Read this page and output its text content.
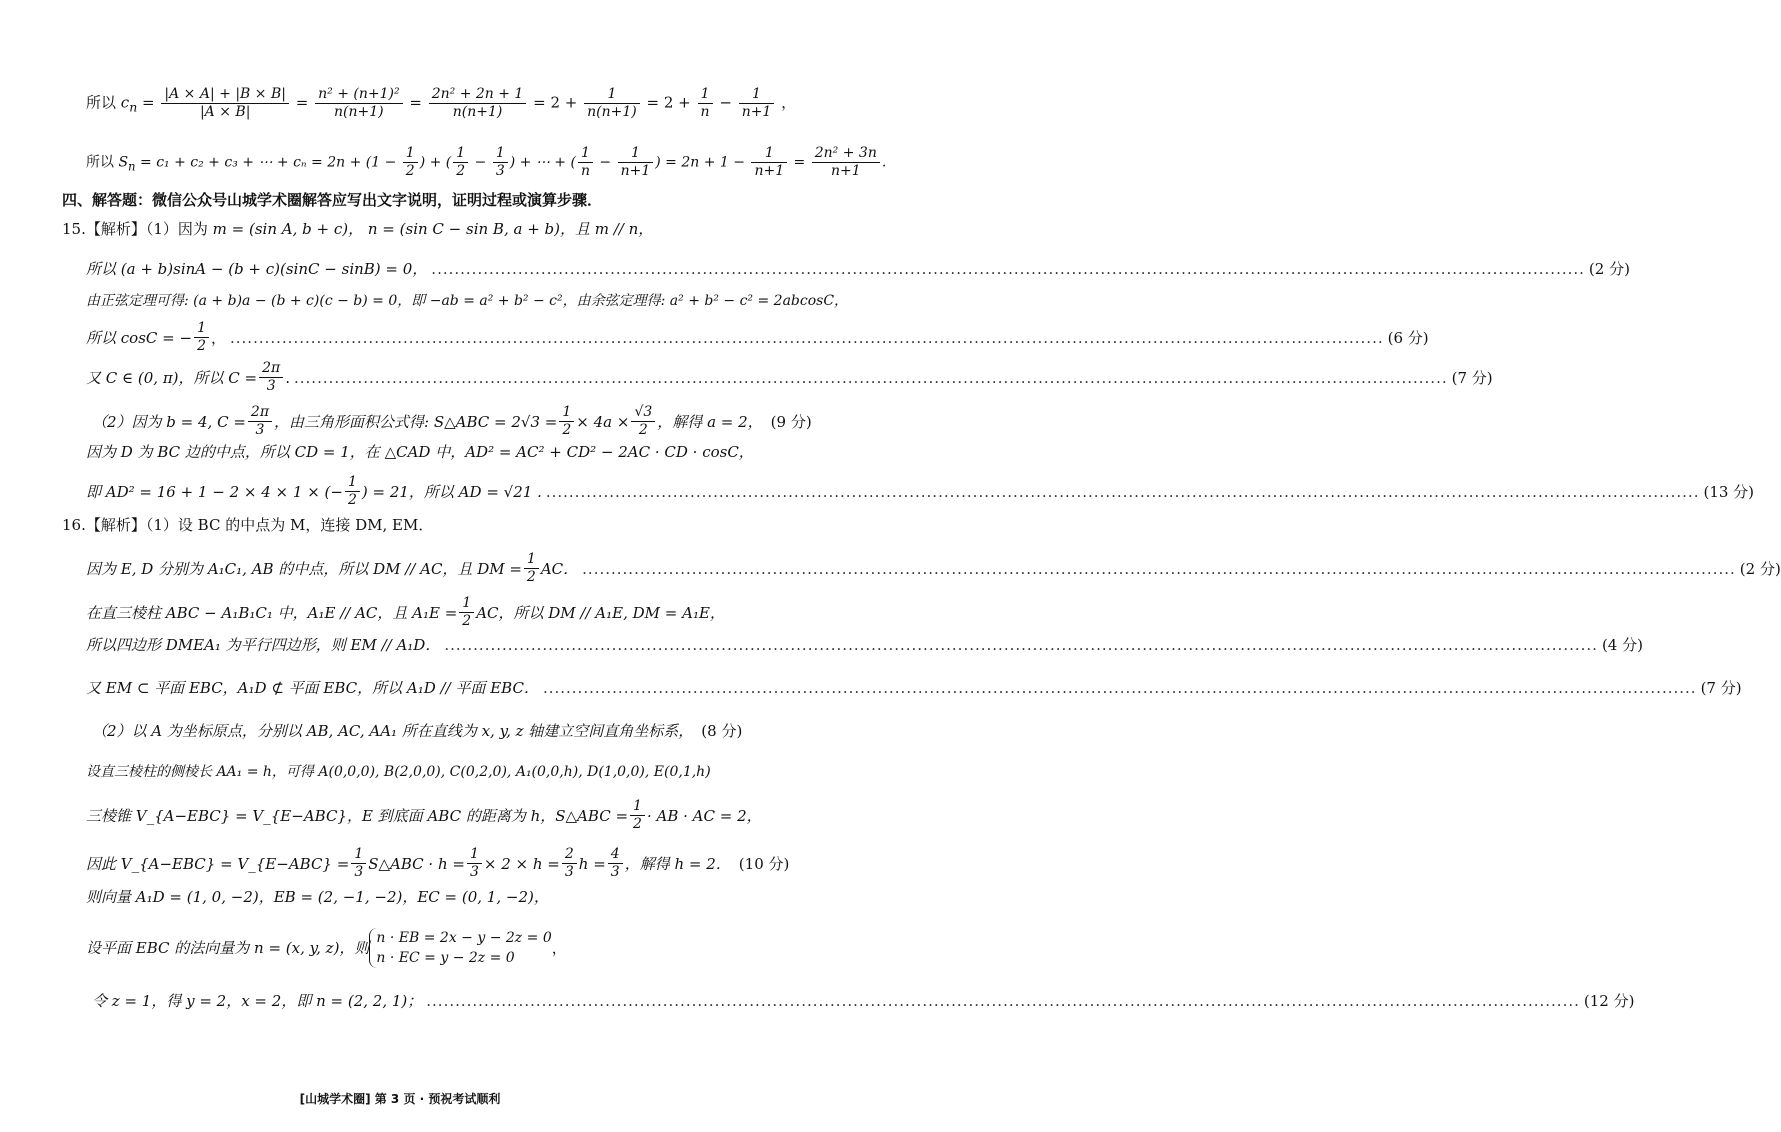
所以 $c_n = \frac{|A \times A| + |B \times B|}{|A \times B|} = \frac{\text{n² + (n+1)²}}{n(n+1)} = \frac{\text{2n² + 2n + 1}}{n(n+1)} = 2 + \frac{1}{n(n+1)} = 2 + \frac{1}{n} - \frac{1}{n+1}$ ，
所以 $S_n = c_1 + c_2 + c_3$ + ⋯ + $c_n = 2n + (1 - \frac{1}{2}$ ) + ( $\frac{1}{2} - \frac{1}{3}$ ) + ⋯ + ( $\frac{1}{n} - \frac{1}{n+1}$ ) = $2n + 1 - \frac{1}{n+1} = \frac{\text{2n² + 3n}}{n+1}$ .
四、解答题：微信公众号山城学术圈解答应写出文字说明，证明过程或演算步骤．
15.【解析】（1）因为 m = (sin A, b + c)， n = (sin C − sin B, a + b)，且 m // n，
所以 (a + b)sinA − (b + c)(sinC − sinB) = 0， .....	(2 分)
由正弦定理可得: (a + b)a − (b + c)(c − b) = 0，即 −ab = a² + b² − c²，由余弦定理得: a² + b² − c² = 2abcosC，
所以 cosC = − $\frac{1}{2}$ ， .....	(6 分)
又 C ∈ (0, π)，所以 $C = \frac{2\pi}{3}$ . .....	(7 分)
（2）因为 b = 4, $C = \frac{2\pi}{3}$ ，由三角形面积公式得: S△ABC = $2√3 = \frac{1}{2} \times 4a \times \frac{√3}{2}$ ，解得 a = 2， (9 分)
因为 D 为 BC 边的中点，所以 CD = 1，在 △CAD 中，AD² = AC² + CD² − 2AC · CD · cosC，
即 AD² = 16 + 1 − 2 × 4 × 1 × (− $\frac{1}{2}$ ) = 21，所以 AD = √21 . .....	(13 分)
16.【解析】（1）设 BC 的中点为 M，连接 DM, EM．
因为 E, D 分别为 A₁C₁, AB 的中点，所以 DM // AC，且 DM = $\frac{1}{2}$ AC． .....	(2 分)
在直三棱柱 ABC − A₁B₁C₁ 中，A₁E // AC，且 $A_1E = \frac{1}{2}$ AC，所以 DM // A₁E, DM = A₁E，
所以四边形 DMEA₁ 为平行四边形，则 EM // A₁D． .....	(4 分)
又 EM ⊂ 平面 EBC，A₁D ⊄ 平面 EBC，所以 A₁D // 平面 EBC． .....	(7 分)
（2）以 A 为坐标原点，分别以 AB, AC, AA₁ 所在直线为 x, y, z 轴建立空间直角坐标系， (8 分)
设直三棱柱的侧棱长 AA₁ = h，可得 A(0,0,0), B(2,0,0), C(0,2,0), A₁(0,0,h), D(1,0,0), E(0,1,h)
三棱锥 V_{A−EBC} = V_{E−ABC}，E 到底面 ABC 的距离为 h，S△ABC = $\frac{1}{2}$ · AB · AC = 2，
因此 V_{A−EBC} = V_{E−ABC} = $\frac{1}{3}$ S△ABC · $h = \frac{1}{3} \times 2 \times h = \frac{2}{3}$ $h = \frac{4}{3}$ ，解得 h = 2． (10 分)
则向量 A₁D = (1, 0, −2)，EB = (2, −1, −2)，EC = (0, 1, −2)，
设平面 EBC 的法向量为 n = (x, y, z)，则
n · EB = 2x − y − 2z = 0
n · EC = y − 2z = 0
，
令 z = 1，得 y = 2，x = 2，即 n = (2, 2, 1)； .....	(12 分)
[山城学术圈] 第 3 页 · 预祝考试顺利
